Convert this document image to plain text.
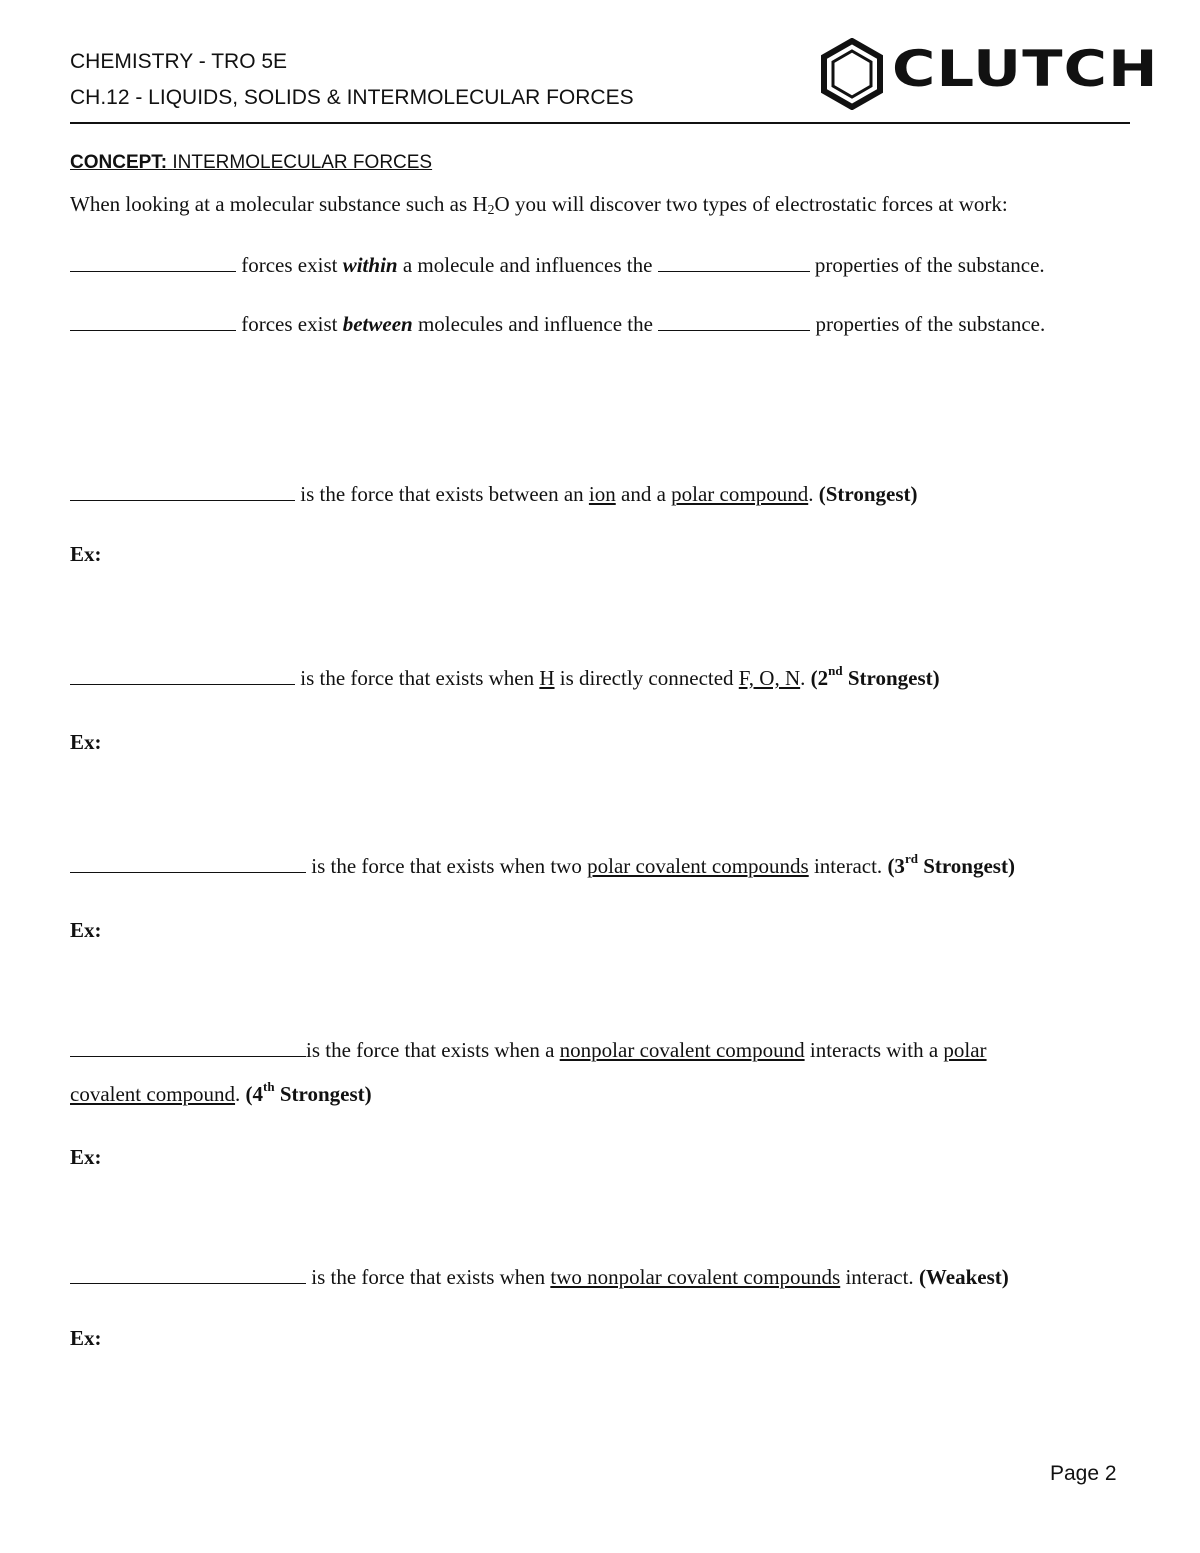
CHEMISTRY - TRO 5E
CH.12 - LIQUIDS, SOLIDS & INTERMOLECULAR FORCES	CLUTCH
CONCEPT: INTERMOLECULAR FORCES
When looking at a molecular substance such as $H_2O$ you will discover two types of electrostatic forces at work:
forces exist within a molecule and influences the	properties of the substance.
forces exist between molecules and influence the	properties of the substance.
is the force that exists between an ion and a polar compound. (Strongest)
Ex:
is the force that exists when H is directly connected F, O, N. (2nd Strongest)
Ex:
is the force that exists when two polar covalent compounds interact. (3rd Strongest)
Ex:
is the force that exists when a nonpolar covalent compound interacts with a polar
covalent compound. (4th Strongest)
Ex:
is the force that exists when two nonpolar covalent compounds interact. (Weakest)
Ex:
Page 2
